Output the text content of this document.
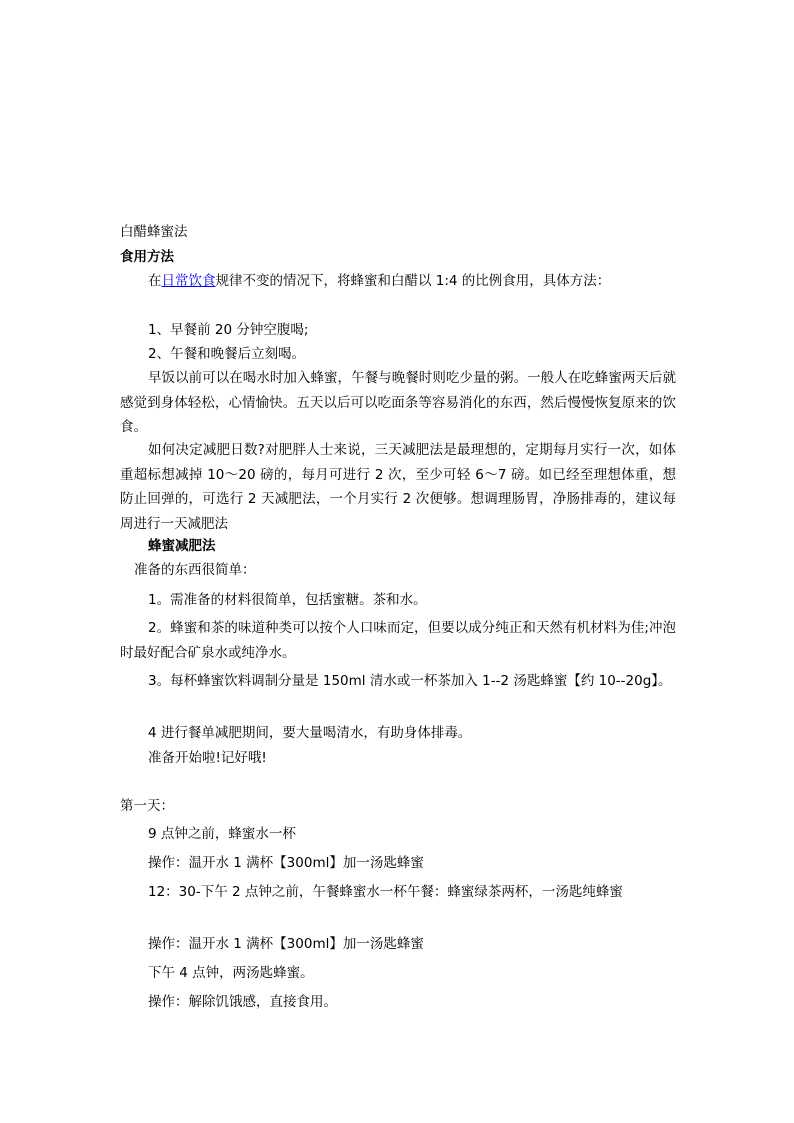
白醋蜂蜜法
食用方法
在日常饮食规律不变的情况下，将蜂蜜和白醋以 1:4 的比例食用，具体方法：
1、早餐前 20 分钟空腹喝;
2、午餐和晚餐后立刻喝。
早饭以前可以在喝水时加入蜂蜜，午餐与晚餐时则吃少量的粥。一般人在吃蜂蜜两天后就感觉到身体轻松，心情愉快。五天以后可以吃面条等容易消化的东西，然后慢慢恢复原来的饮食。
如何决定减肥日数?对肥胖人士来说，三天减肥法是最理想的，定期每月实行一次，如体重超标想减掉 10～20 磅的，每月可进行 2 次，至少可轻 6～7 磅。如已经至理想体重，想防止回弹的，可选行 2 天减肥法，一个月实行 2 次便够。想调理肠胃，净肠排毒的，建议每周进行一天减肥法
蜂蜜减肥法
准备的东西很简单：
1。需准备的材料很简单，包括蜜糖。茶和水。
2。蜂蜜和茶的味道种类可以按个人口味而定，但要以成分纯正和天然有机材料为佳;冲泡时最好配合矿泉水或纯净水。
3。每杯蜂蜜饮料调制分量是 150ml 清水或一杯茶加入 1--2 汤匙蜂蜜【约 10--20g】。
4 进行餐单减肥期间，要大量喝清水，有助身体排毒。
准备开始啦!记好哦!
第一天：
9 点钟之前，蜂蜜水一杯
操作：温开水 1 满杯【300ml】加一汤匙蜂蜜
12：30-下午 2 点钟之前，午餐蜂蜜水一杯午餐：蜂蜜绿茶两杯，一汤匙纯蜂蜜
操作：温开水 1 满杯【300ml】加一汤匙蜂蜜
下午 4 点钟，两汤匙蜂蜜。
操作：解除饥饿感，直接食用。
